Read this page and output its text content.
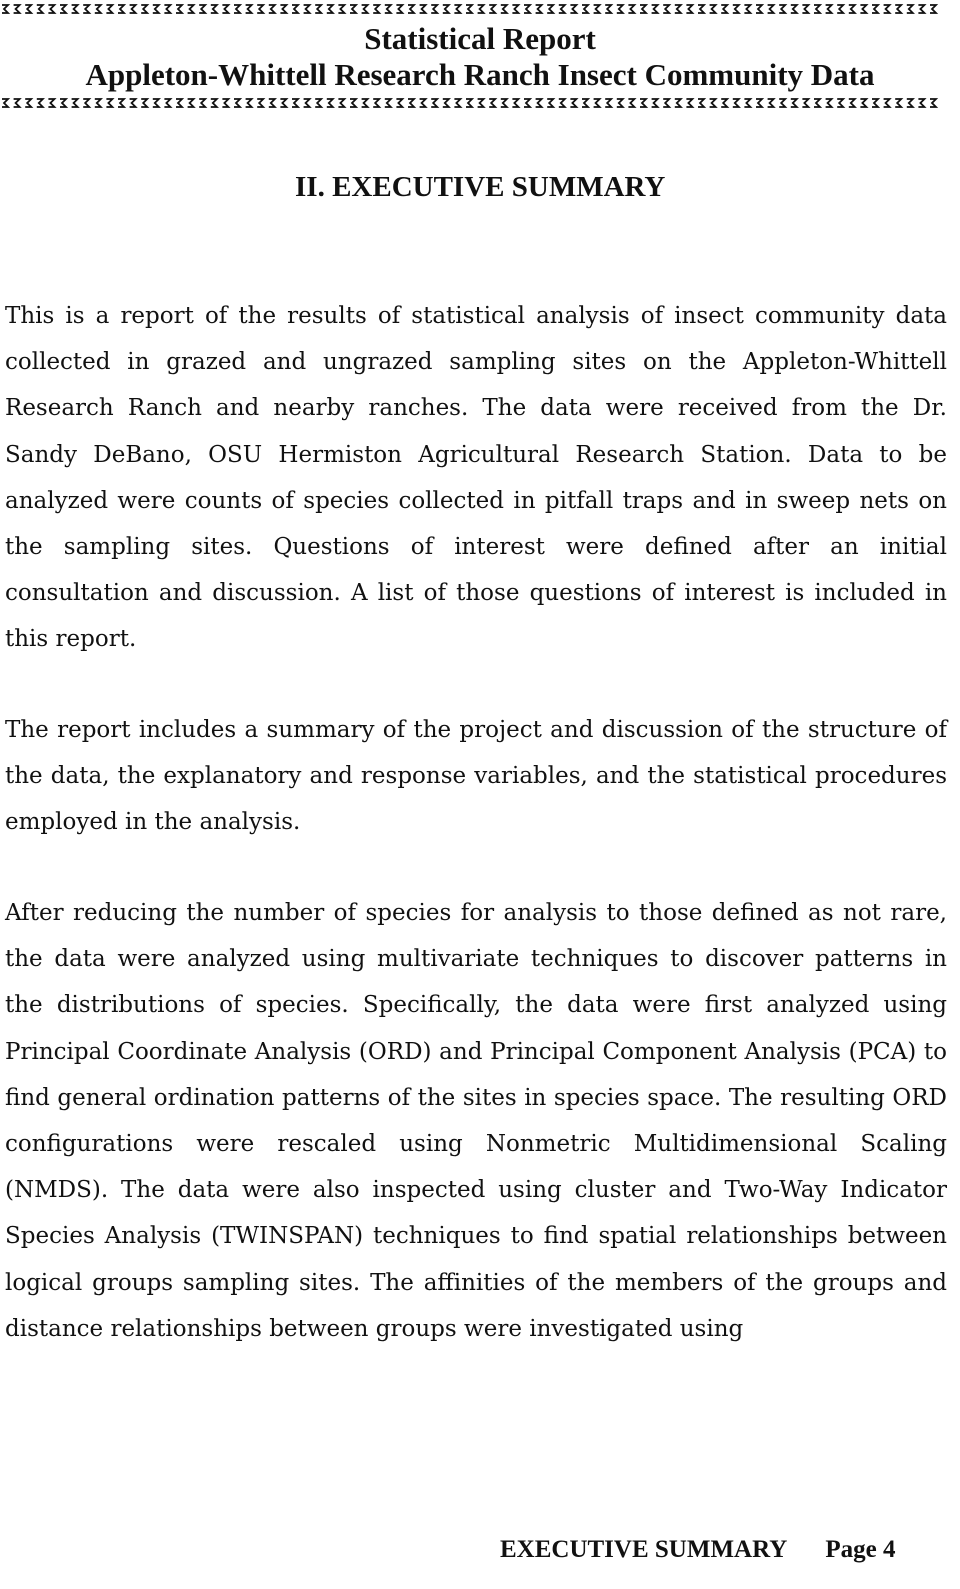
Statistical Report
Appleton-Whittell Research Ranch Insect Community Data
II. EXECUTIVE SUMMARY

This is a report of the results of statistical analysis of insect community data collected in grazed and ungrazed sampling sites on the Appleton-Whittell Research Ranch and nearby ranches. The data were received from the Dr. Sandy DeBano, OSU Hermiston Agricultural Research Station. Data to be analyzed were counts of species collected in pitfall traps and in sweep nets on the sampling sites. Questions of interest were defined after an initial consultation and discussion. A list of those questions of interest is included in this report.

The report includes a summary of the project and discussion of the structure of the data, the explanatory and response variables, and the statistical procedures employed in the analysis.

After reducing the number of species for analysis to those defined as not rare, the data were analyzed using multivariate techniques to discover patterns in the distributions of species. Specifically, the data were first analyzed using Principal Coordinate Analysis (ORD) and Principal Component Analysis (PCA) to find general ordination patterns of the sites in species space. The resulting ORD configurations were rescaled using Nonmetric Multidimensional Scaling (NMDS). The data were also inspected using cluster and Two-Way Indicator Species Analysis (TWINSPAN) techniques to find spatial relationships between logical groups sampling sites. The affinities of the members of the groups and distance relationships between groups were investigated using

EXECUTIVE SUMMARY Page 4
